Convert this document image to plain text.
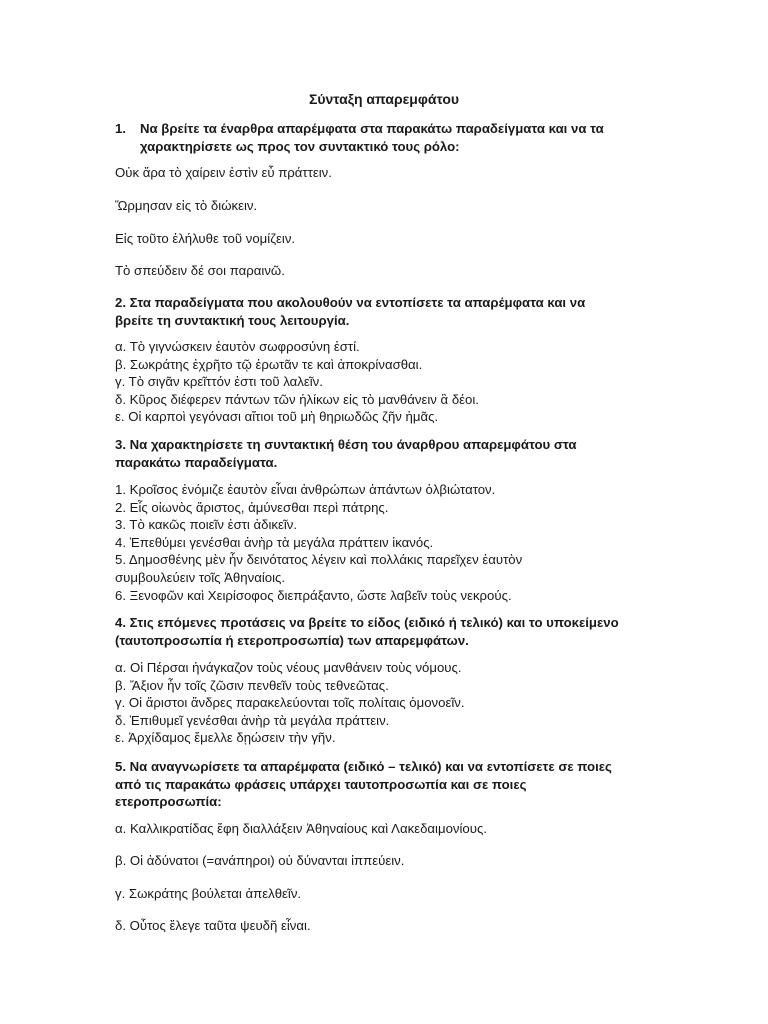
Σύνταξη απαρεμφάτου
1.	Να βρείτε τα έναρθρα απαρέμφατα στα παρακάτω παραδείγματα και να τα
χαρακτηρίσετε ως προς τον συντακτικό τους ρόλο:
Οὐκ ἄρα τὸ χαίρειν ἐστὶν εὖ πράττειν.
Ὥρμησαν εἰς τὸ διώκειν.
Εἰς τοῦτο ἐλήλυθε τοῦ νομίζειν.
Τὸ σπεύδειν δέ σοι παραινῶ.
2. Στα παραδείγματα που ακολουθούν να εντοπίσετε τα απαρέμφατα και να
βρείτε τη συντακτική τους λειτουργία.
α. Τὸ γιγνώσκειν ἑαυτὸν σωφροσύνη ἐστί.
β. Σωκράτης ἐχρῆτο τῷ ἐρωτᾶν τε καὶ ἀποκρίνασθαι.
γ. Τὸ σιγᾶν κρεῖττόν ἐστι τοῦ λαλεῖν.
δ. Κῦρος διέφερεν πάντων τῶν ἡλίκων εἰς τὸ μανθάνειν ἃ δέοι.
ε. Οἱ καρποὶ γεγόνασι αἴτιοι τοῦ μὴ θηριωδῶς ζῆν ἡμᾶς.
3. Να χαρακτηρίσετε τη συντακτική θέση του άναρθρου απαρεμφάτου στα
παρακάτω παραδείγματα.
1. Κροῖσος ἐνόμιζε ἑαυτὸν εἶναι ἀνθρώπων ἁπάντων ὀλβιώτατον.
2. Εἷς οἰωνὸς ἄριστος, ἀμύνεσθαι περὶ πάτρης.
3. Τὸ κακῶς ποιεῖν ἐστι ἀδικεῖν.
4. Ἐπεθύμει γενέσθαι ἀνὴρ τὰ μεγάλα πράττειν ἱκανός.
5. Δημοσθένης μὲν ἦν δεινότατος λέγειν καὶ πολλάκις παρεῖχεν ἑαυτὸν
συμβουλεύειν τοῖς Ἀθηναίοις.
6. Ξενοφῶν καὶ Χειρίσοφος διεπράξαντο, ὥστε λαβεῖν τοὺς νεκρούς.
4. Στις επόμενες προτάσεις να βρείτε το είδος (ειδικό ή τελικό) και το υποκείμενο
(ταυτοπροσωπία ή ετεροπροσωπία) των απαρεμφάτων.
α. Οἱ Πέρσαι ἠνάγκαζον τοὺς νέους μανθάνειν τοὺς νόμους.
β. Ἄξιον ἦν τοῖς ζῶσιν πενθεῖν τοὺς τεθνεῶτας.
γ. Οἱ ἄριστοι ἄνδρες παρακελεύονται τοῖς πολίταις ὁμονοεῖν.
δ. Ἐπιθυμεῖ γενέσθαι ἀνὴρ τὰ μεγάλα πράττειν.
ε. Ἀρχίδαμος ἔμελλε δῃώσειν τὴν γῆν.
5. Να αναγνωρίσετε τα απαρέμφατα (ειδικό – τελικό) και να εντοπίσετε σε ποιες
από τις παρακάτω φράσεις υπάρχει ταυτοπροσωπία και σε ποιες
ετεροπροσωπία:
α. Καλλικρατίδας ἔφη διαλλάξειν Ἀθηναίους καὶ Λακεδαιμονίους.
β. Οἱ ἀδύνατοι (=ανάπηροι) οὐ δύνανται ἱππεύειν.
γ. Σωκράτης βούλεται ἀπελθεῖν.
δ. Οὗτος ἔλεγε ταῦτα ψευδῆ εἶναι.
